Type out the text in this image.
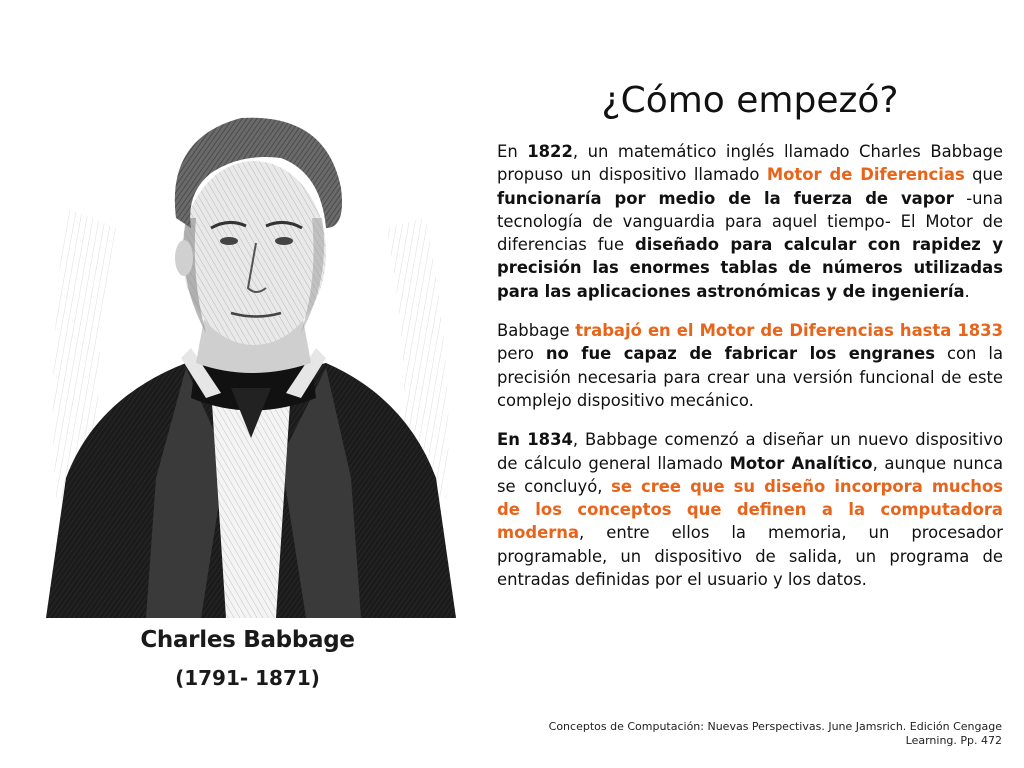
Charles Babbage
(1791- 1871)
¿Cómo empezó?

En 1822, un matemático inglés llamado Charles Babbage propuso un dispositivo llamado Motor de Diferencias que funcionaría por medio de la fuerza de vapor -una tecnología de vanguardia para aquel tiempo- El Motor de diferencias fue diseñado para calcular con rapidez y precisión las enormes tablas de números utilizadas para las aplicaciones astronómicas y de ingeniería.

Babbage trabajó en el Motor de Diferencias hasta 1833 pero no fue capaz de fabricar los engranes con la precisión necesaria para crear una versión funcional de este complejo dispositivo mecánico.

En 1834, Babbage comenzó a diseñar un nuevo dispositivo de cálculo general llamado Motor Analítico, aunque nunca se concluyó, se cree que su diseño incorpora muchos de los conceptos que definen a la computadora moderna, entre ellos la memoria, un procesador programable, un dispositivo de salida, un programa de entradas definidas por el usuario y los datos.

Conceptos de Computación: Nuevas Perspectivas. June Jamsrich. Edición Cengage
Learning. Pp. 472
